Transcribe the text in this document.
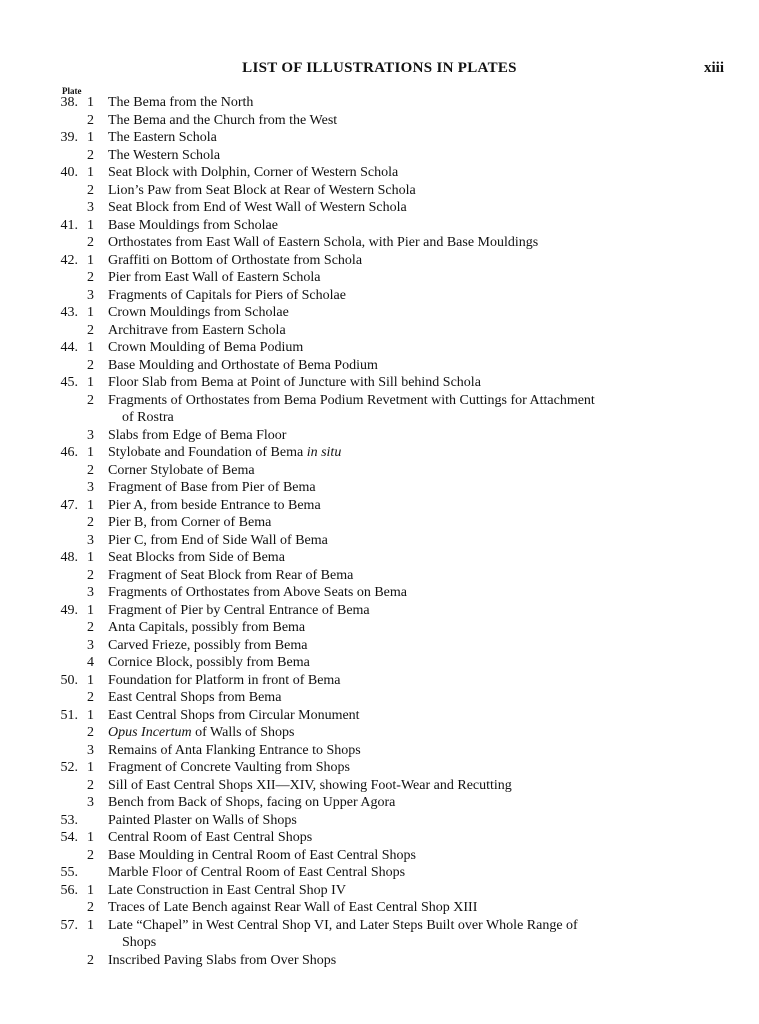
LIST OF ILLUSTRATIONS IN PLATES	xiii
Plate
38. 1 The Bema from the North
2 The Bema and the Church from the West
39. 1 The Eastern Schola
2 The Western Schola
40. 1 Seat Block with Dolphin, Corner of Western Schola
2 Lion’s Paw from Seat Block at Rear of Western Schola
3 Seat Block from End of West Wall of Western Schola
41. 1 Base Mouldings from Scholae
2 Orthostates from East Wall of Eastern Schola, with Pier and Base Mouldings
42. 1 Graffiti on Bottom of Orthostate from Schola
2 Pier from East Wall of Eastern Schola
3 Fragments of Capitals for Piers of Scholae
43. 1 Crown Mouldings from Scholae
2 Architrave from Eastern Schola
44. 1 Crown Moulding of Bema Podium
2 Base Moulding and Orthostate of Bema Podium
45. 1 Floor Slab from Bema at Point of Juncture with Sill behind Schola
2 Fragments of Orthostates from Bema Podium Revetment with Cuttings for Attachment
of Rostra
3 Slabs from Edge of Bema Floor
46. 1 Stylobate and Foundation of Bema in situ
2 Corner Stylobate of Bema
3 Fragment of Base from Pier of Bema
47. 1 Pier A, from beside Entrance to Bema
2 Pier B, from Corner of Bema
3 Pier C, from End of Side Wall of Bema
48. 1 Seat Blocks from Side of Bema
2 Fragment of Seat Block from Rear of Bema
3 Fragments of Orthostates from Above Seats on Bema
49. 1 Fragment of Pier by Central Entrance of Bema
2 Anta Capitals, possibly from Bema
3 Carved Frieze, possibly from Bema
4 Cornice Block, possibly from Bema
50. 1 Foundation for Platform in front of Bema
2 East Central Shops from Bema
51. 1 East Central Shops from Circular Monument
2 Opus Incertum of Walls of Shops
3 Remains of Anta Flanking Entrance to Shops
52. 1 Fragment of Concrete Vaulting from Shops
2 Sill of East Central Shops XII—XIV, showing Foot-Wear and Recutting
3 Bench from Back of Shops, facing on Upper Agora
53. Painted Plaster on Walls of Shops
54. 1 Central Room of East Central Shops
2 Base Moulding in Central Room of East Central Shops
55. Marble Floor of Central Room of East Central Shops
56. 1 Late Construction in East Central Shop IV
2 Traces of Late Bench against Rear Wall of East Central Shop XIII
57. 1 Late “Chapel” in West Central Shop VI, and Later Steps Built over Whole Range of
Shops
2 Inscribed Paving Slabs from Over Shops
